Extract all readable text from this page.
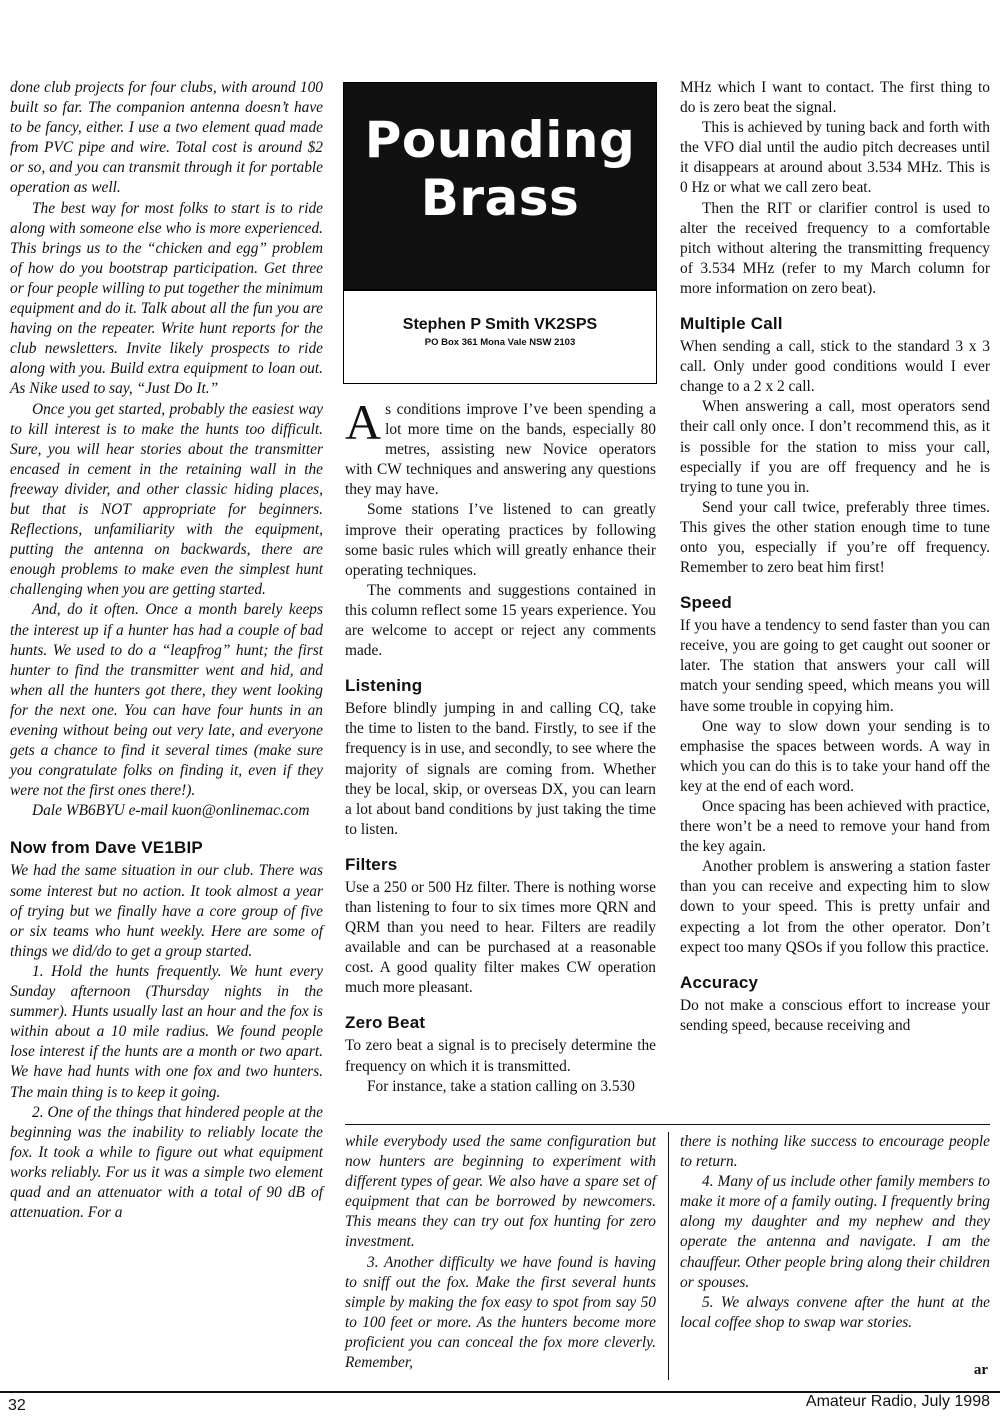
done club projects for four clubs, with around 100 built so far. The companion antenna doesn’t have to be fancy, either. I use a two element quad made from PVC pipe and wire. Total cost is around $2 or so, and you can transmit through it for portable operation as well.

The best way for most folks to start is to ride along with someone else who is more experienced. This brings us to the “chicken and egg” problem of how do you bootstrap participation. Get three or four people willing to put together the minimum equipment and do it. Talk about all the fun you are having on the repeater. Write hunt reports for the club newsletters. Invite likely prospects to ride along with you. Build extra equipment to loan out. As Nike used to say, “Just Do It.”

Once you get started, probably the easiest way to kill interest is to make the hunts too difficult. Sure, you will hear stories about the transmitter encased in cement in the retaining wall in the freeway divider, and other classic hiding places, but that is NOT appropriate for beginners. Reflections, unfamiliarity with the equipment, putting the antenna on backwards, there are enough problems to make even the simplest hunt challenging when you are getting started.

And, do it often. Once a month barely keeps the interest up if a hunter has had a couple of bad hunts. We used to do a “leapfrog” hunt; the first hunter to find the transmitter went and hid, and when all the hunters got there, they went looking for the next one. You can have four hunts in an evening without being out very late, and everyone gets a chance to find it several times (make sure you congratulate folks on finding it, even if they were not the first ones there!).

Dale WB6BYU e-mail kuon@onlinemac.com

Now from Dave VE1BIP

We had the same situation in our club. There was some interest but no action. It took almost a year of trying but we finally have a core group of five or six teams who hunt weekly. Here are some of things we did/do to get a group started.

1. Hold the hunts frequently. We hunt every Sunday afternoon (Thursday nights in the summer). Hunts usually last an hour and the fox is within about a 10 mile radius. We found people lose interest if the hunts are a month or two apart. We have had hunts with one fox and two hunters. The main thing is to keep it going.

2. One of the things that hindered people at the beginning was the inability to reliably locate the fox. It took a while to figure out what equipment works reliably. For us it was a simple two element quad and an attenuator with a total of 90 dB of attenuation. For a

Pounding
Brass
Stephen P Smith VK2SPS
PO Box 361 Mona Vale NSW 2103

As conditions improve I’ve been spending a lot more time on the bands, especially 80 metres, assisting new Novice operators with CW techniques and answering any questions they may have.

Some stations I’ve listened to can greatly improve their operating practices by following some basic rules which will greatly enhance their operating techniques.

The comments and suggestions contained in this column reflect some 15 years experience. You are welcome to accept or reject any comments made.

Listening

Before blindly jumping in and calling CQ, take the time to listen to the band. Firstly, to see if the frequency is in use, and secondly, to see where the majority of signals are coming from. Whether they be local, skip, or overseas DX, you can learn a lot about band conditions by just taking the time to listen.

Filters

Use a 250 or 500 Hz filter. There is nothing worse than listening to four to six times more QRN and QRM than you need to hear. Filters are readily available and can be purchased at a reasonable cost. A good quality filter makes CW operation much more pleasant.

Zero Beat

To zero beat a signal is to precisely determine the frequency on which it is transmitted.

For instance, take a station calling on 3.530

MHz which I want to contact. The first thing to do is zero beat the signal.

This is achieved by tuning back and forth with the VFO dial until the audio pitch decreases until it disappears at around about 3.534 MHz. This is 0 Hz or what we call zero beat.

Then the RIT or clarifier control is used to alter the received frequency to a comfortable pitch without altering the transmitting frequency of 3.534 MHz (refer to my March column for more information on zero beat).

Multiple Call

When sending a call, stick to the standard 3 x 3 call. Only under good conditions would I ever change to a 2 x 2 call.

When answering a call, most operators send their call only once. I don’t recommend this, as it is possible for the station to miss your call, especially if you are off frequency and he is trying to tune you in.

Send your call twice, preferably three times. This gives the other station enough time to tune onto you, especially if you’re off frequency. Remember to zero beat him first!

Speed

If you have a tendency to send faster than you can receive, you are going to get caught out sooner or later. The station that answers your call will match your sending speed, which means you will have some trouble in copying him.

One way to slow down your sending is to emphasise the spaces between words. A way in which you can do this is to take your hand off the key at the end of each word.

Once spacing has been achieved with practice, there won’t be a need to remove your hand from the key again.

Another problem is answering a station faster than you can receive and expecting him to slow down to your speed. This is pretty unfair and expecting a lot from the other operator. Don’t expect too many QSOs if you follow this practice.

Accuracy

Do not make a conscious effort to increase your sending speed, because receiving and

while everybody used the same configuration but now hunters are beginning to experiment with different types of gear. We also have a spare set of equipment that can be borrowed by newcomers. This means they can try out fox hunting for zero investment.

3. Another difficulty we have found is having to sniff out the fox. Make the first several hunts simple by making the fox easy to spot from say 50 to 100 feet or more. As the hunters become more proficient you can conceal the fox more cleverly. Remember,

there is nothing like success to encourage people to return.

4. Many of us include other family members to make it more of a family outing. I frequently bring along my daughter and my nephew and they operate the antenna and navigate. I am the chauffeur. Other people bring along their children or spouses.

5. We always convene after the hunt at the local coffee shop to swap war stories.

ar
32	Amateur Radio, July 1998
